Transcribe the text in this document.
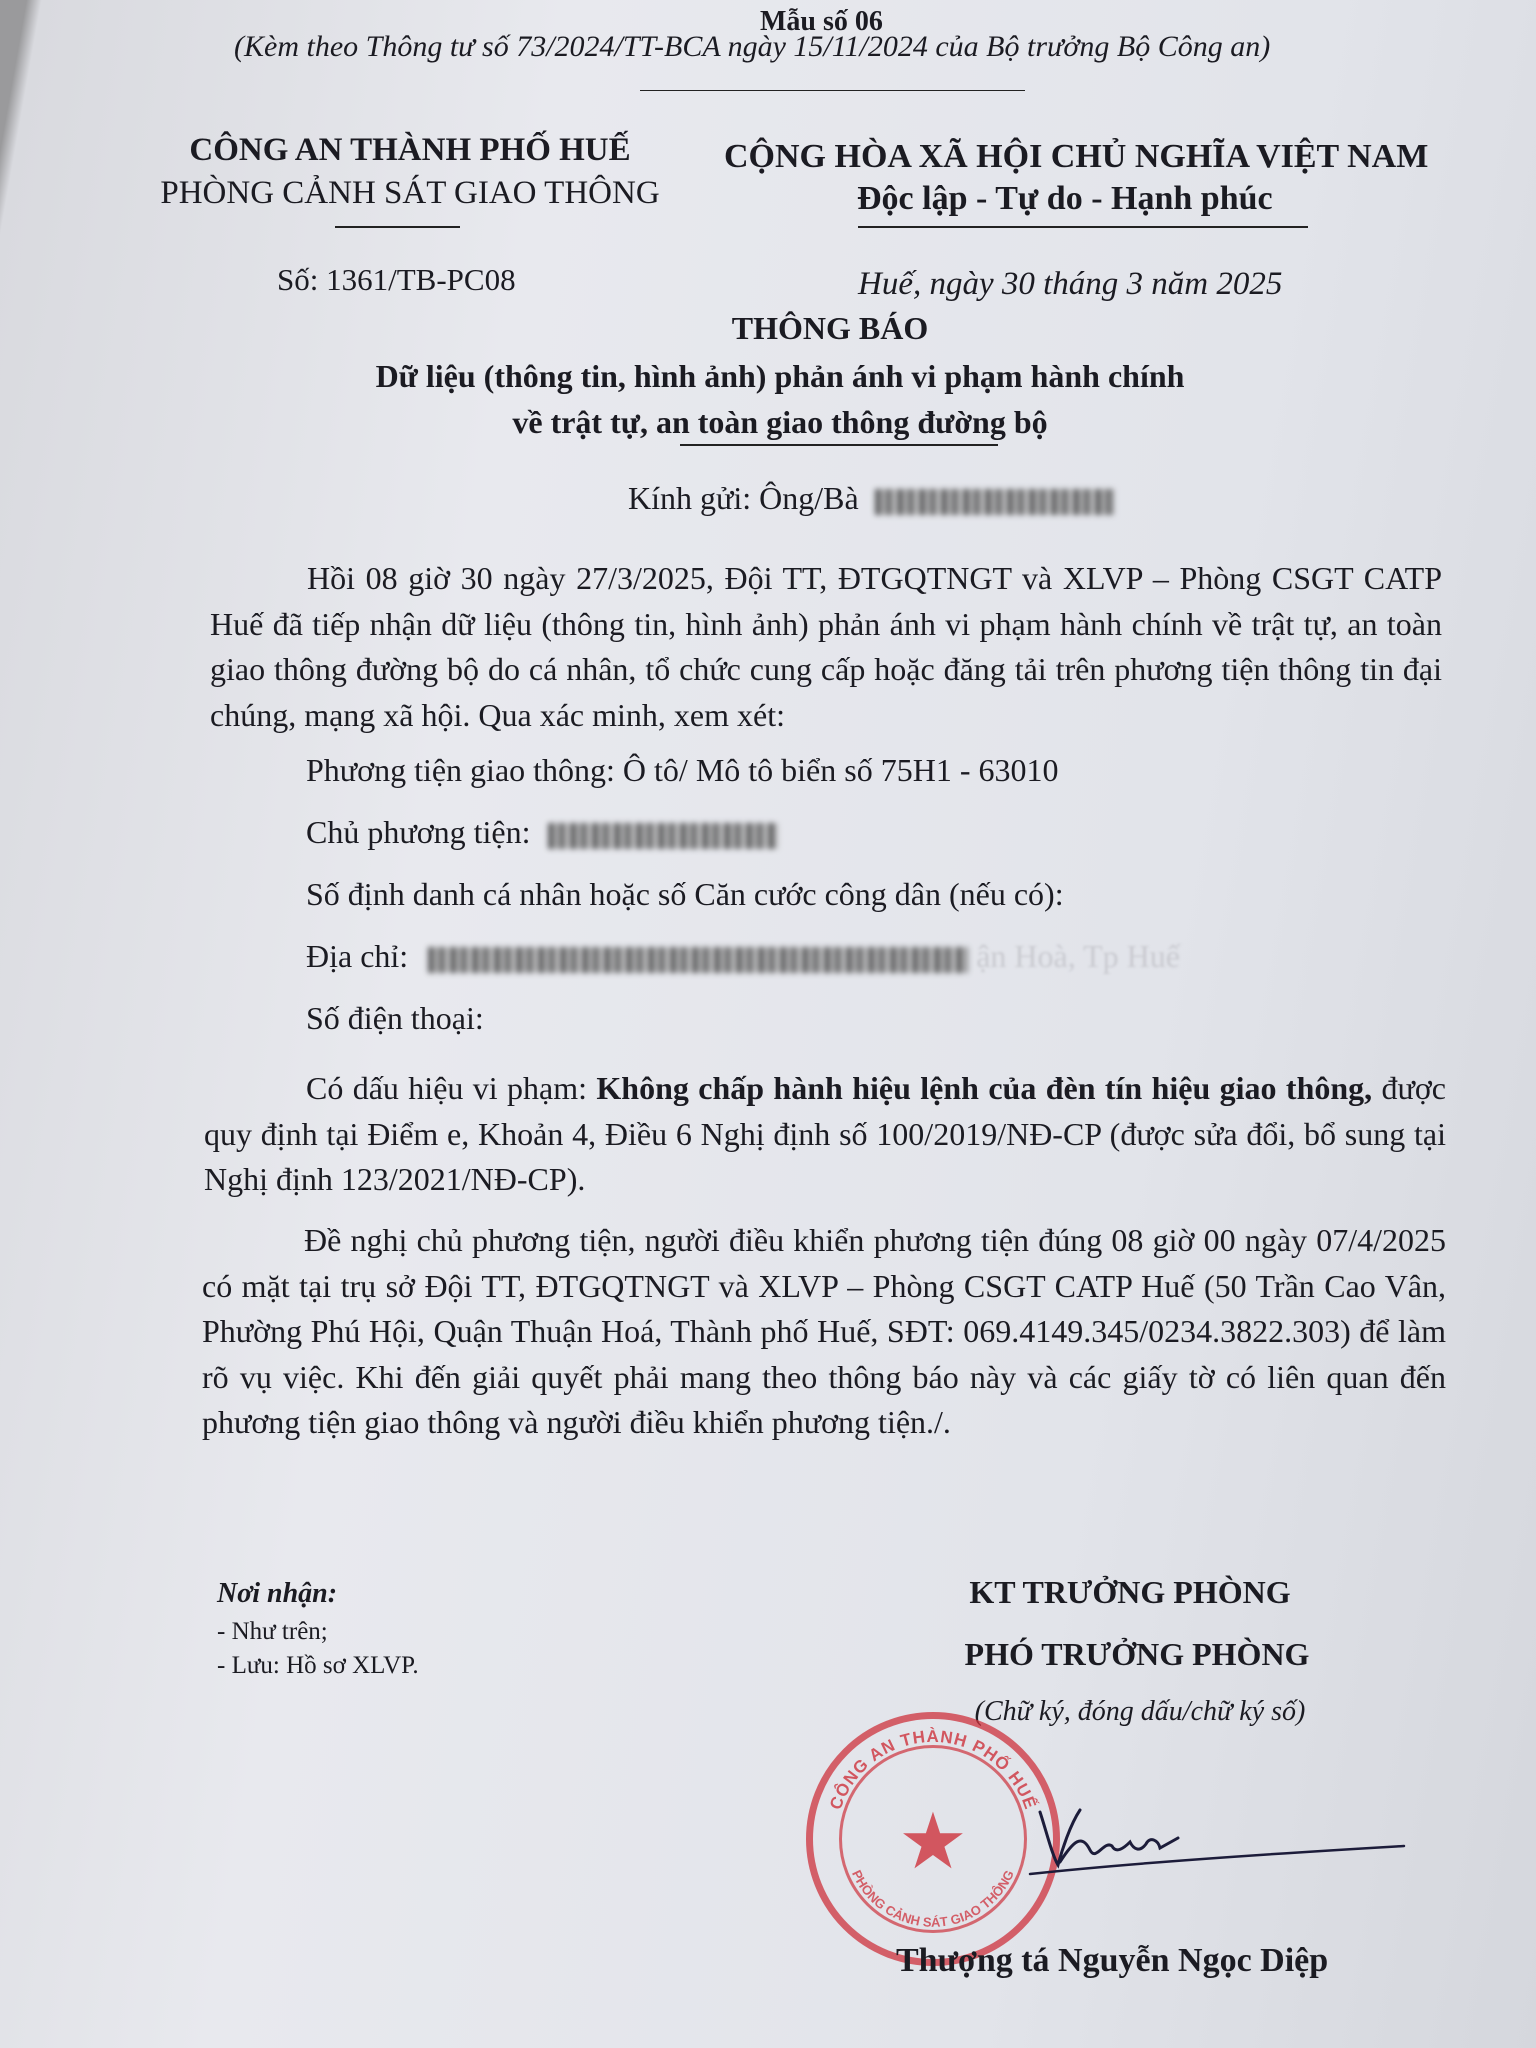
Mẫu số 06
(Kèm theo Thông tư số 73/2024/TT-BCA ngày 15/11/2024 của Bộ trưởng Bộ Công an)
CÔNG AN THÀNH PHỐ HUẾ
PHÒNG CẢNH SÁT GIAO THÔNG
Số: 1361/TB-PC08
CỘNG HÒA XÃ HỘI CHỦ NGHĨA VIỆT NAM
Độc lập - Tự do - Hạnh phúc
Huế, ngày 30 tháng 3 năm 2025
THÔNG BÁO
Dữ liệu (thông tin, hình ảnh) phản ánh vi phạm hành chính
về trật tự, an toàn giao thông đường bộ
Kính gửi: Ông/Bà

Hồi 08 giờ 30 ngày 27/3/2025, Đội TT, ĐTGQTNGT và XLVP – Phòng CSGT CATP Huế đã tiếp nhận dữ liệu (thông tin, hình ảnh) phản ánh vi phạm hành chính về trật tự, an toàn giao thông đường bộ do cá nhân, tổ chức cung cấp hoặc đăng tải trên phương tiện thông tin đại chúng, mạng xã hội. Qua xác minh, xem xét:

Phương tiện giao thông: Ô tô/ Mô tô biển số 75H1 - 63010
Chủ phương tiện:
Số định danh cá nhân hoặc số Căn cước công dân (nếu có):
Địa chỉ:	ận Hoà, Tp Huế
Số điện thoại:

Có dấu hiệu vi phạm: Không chấp hành hiệu lệnh của đèn tín hiệu giao thông, được quy định tại Điểm e, Khoản 4, Điều 6 Nghị định số 100/2019/NĐ-CP (được sửa đổi, bổ sung tại Nghị định 123/2021/NĐ-CP).

Đề nghị chủ phương tiện, người điều khiển phương tiện đúng 08 giờ 00 ngày 07/4/2025 có mặt tại trụ sở Đội TT, ĐTGQTNGT và XLVP – Phòng CSGT CATP Huế (50 Trần Cao Vân, Phường Phú Hội, Quận Thuận Hoá, Thành phố Huế, SĐT: 069.4149.345/0234.3822.303) để làm rõ vụ việc. Khi đến giải quyết phải mang theo thông báo này và các giấy tờ có liên quan đến phương tiện giao thông và người điều khiển phương tiện./.

Nơi nhận:
- Như trên;
- Lưu: Hồ sơ XLVP.
KT TRƯỞNG PHÒNG
PHÓ TRƯỞNG PHÒNG
(Chữ ký, đóng dấu/chữ ký số)
★
CÔNG AN THÀNH PHỐ HUẾ
PHÒNG CẢNH SÁT GIAO THÔNG
Thượng tá Nguyễn Ngọc Diệp
